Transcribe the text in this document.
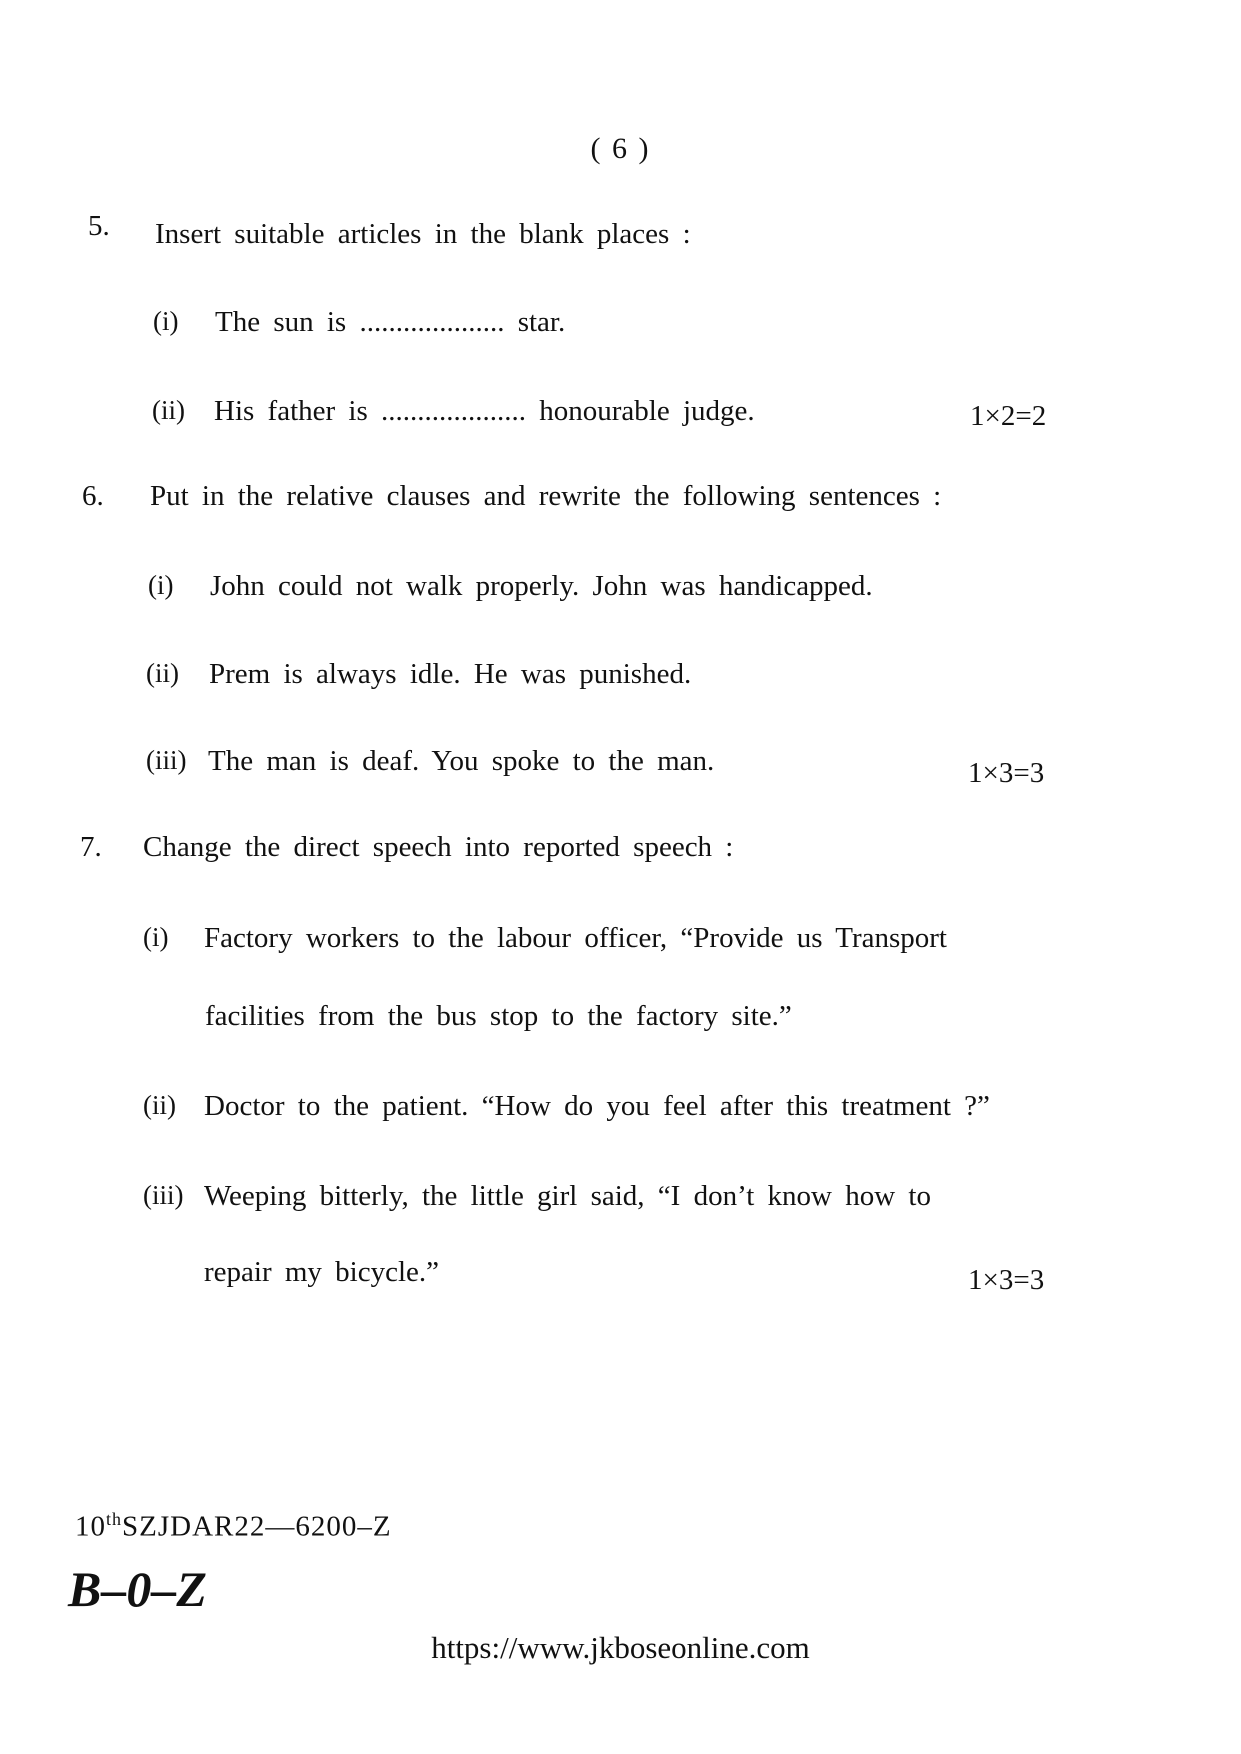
( 6 )
5. Insert suitable articles in the blank places :
(i) The sun is .................... star.
(ii) His father is .................... honourable judge.	1×2=2
6. Put in the relative clauses and rewrite the following sentences :
(i) John could not walk properly. John was handicapped.
(ii) Prem is always idle. He was punished.
(iii) The man is deaf. You spoke to the man.	1×3=3
7. Change the direct speech into reported speech :
(i) Factory workers to the labour officer, “Provide us Transport
facilities from the bus stop to the factory site.”
(ii) Doctor to the patient. “How do you feel after this treatment ?”
(iii) Weeping bitterly, the little girl said, “I don’t know how to
repair my bicycle.”	1×3=3
10thSZJDAR22—6200–Z
B–0–Z
https://www.jkboseonline.com
